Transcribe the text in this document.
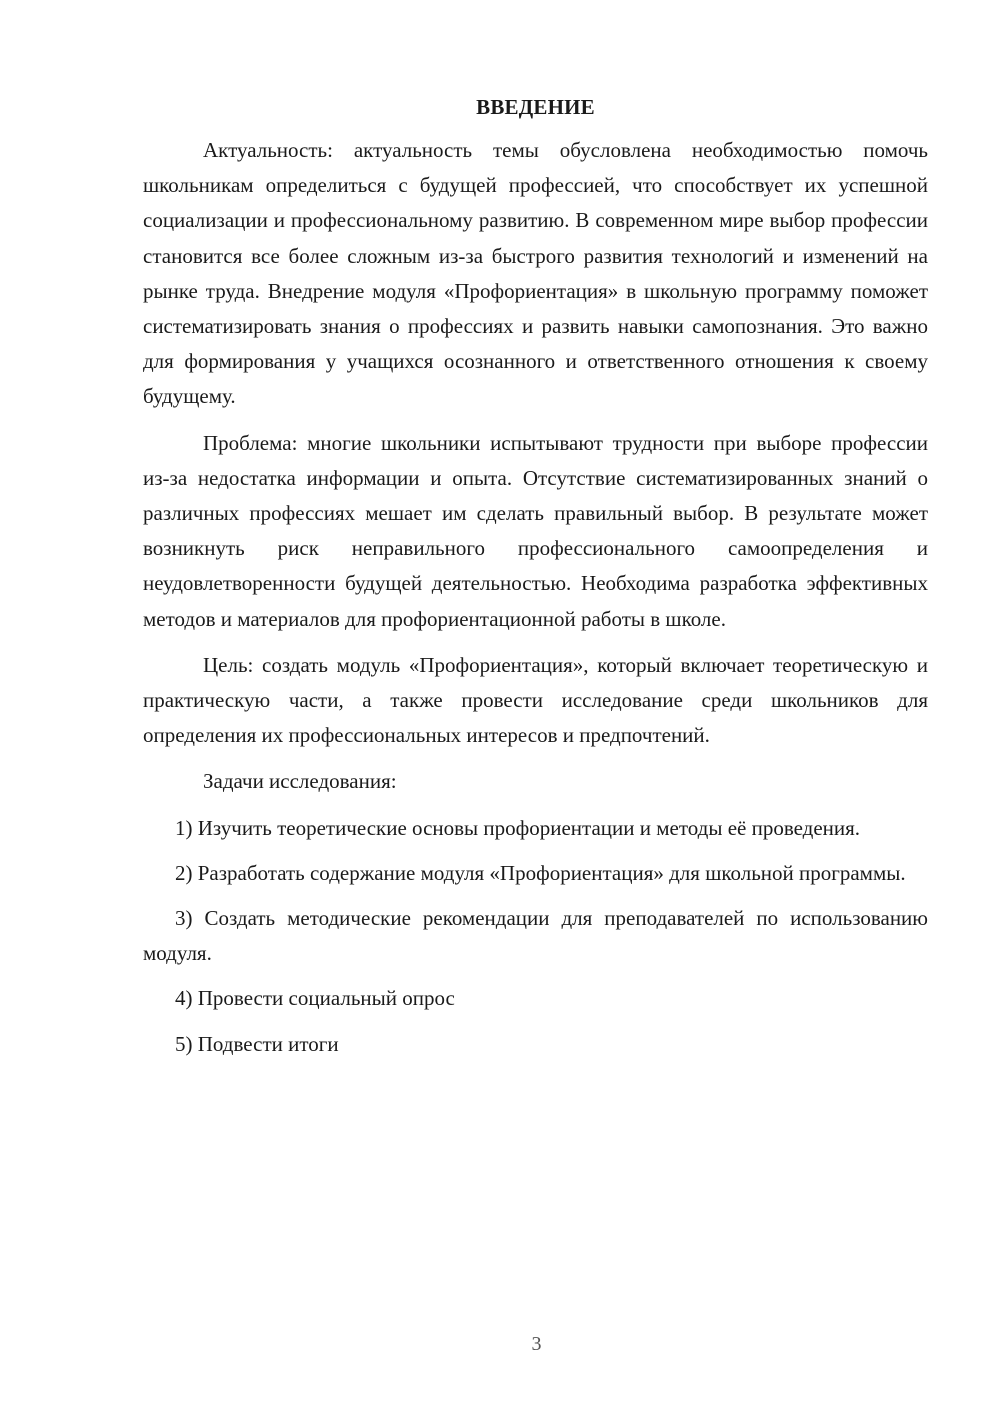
ВВЕДЕНИЕ

Актуальность: актуальность темы обусловлена необходимостью помочь школьникам определиться с будущей профессией, что способствует их успешной социализации и профессиональному развитию. В современном мире выбор профессии становится все более сложным из-за быстрого развития технологий и изменений на рынке труда. Внедрение модуля «Профориентация» в школьную программу поможет систематизировать знания о профессиях и развить навыки самопознания. Это важно для формирования у учащихся осознанного и ответственного отношения к своему будущему.

Проблема: многие школьники испытывают трудности при выборе профессии из-за недостатка информации и опыта. Отсутствие систематизированных знаний о различных профессиях мешает им сделать правильный выбор. В результате может возникнуть риск неправильного профессионального самоопределения и неудовлетворенности будущей деятельностью. Необходима разработка эффективных методов и материалов для профориентационной работы в школе.

Цель: создать модуль «Профориентация», который включает теоретическую и практическую части, а также провести исследование среди школьников для определения их профессиональных интересов и предпочтений.

Задачи исследования:

1) Изучить теоретические основы профориентации и методы её проведения.

2) Разработать содержание модуля «Профориентация» для школьной программы.

3) Создать методические рекомендации для преподавателей по использованию модуля.

4) Провести социальный опрос

5) Подвести итоги

3
